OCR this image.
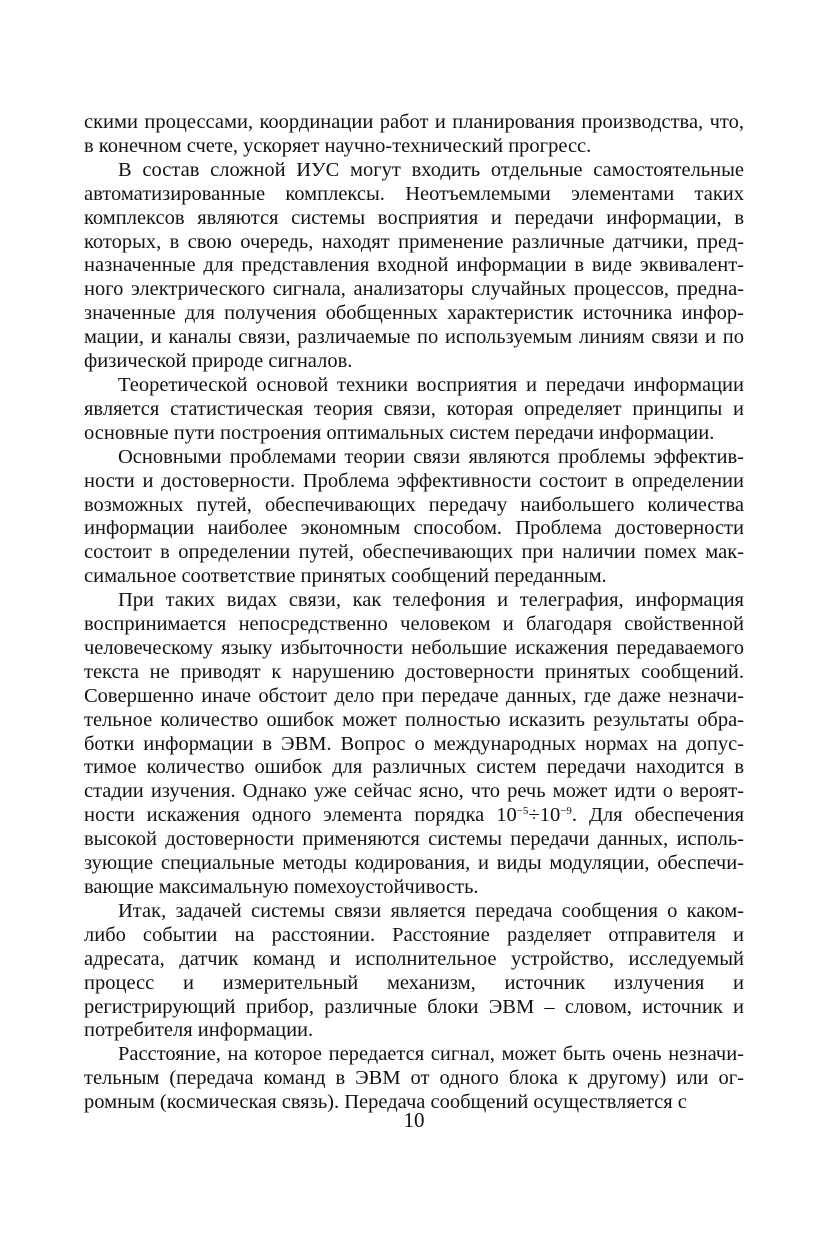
скими процессами, координации работ и планирования производства, что, в конечном счете, ускоряет научно-технический прогресс.

В состав сложной ИУС могут входить отдельные самостоятельные автоматизированные комплексы. Неотъемлемыми элементами таких комплексов являются системы восприятия и передачи информации, в которых, в свою очередь, находят применение различные датчики, предназначенные для представления входной информации в виде эквивалентного электрического сигнала, анализаторы случайных процессов, предназначенные для получения обобщенных характеристик источника информации, и каналы связи, различаемые по используемым линиям связи и по физической природе сигналов.

Теоретической основой техники восприятия и передачи информации является статистическая теория связи, которая определяет принципы и основные пути построения оптимальных систем передачи информации.

Основными проблемами теории связи являются проблемы эффективности и достоверности. Проблема эффективности состоит в определении возможных путей, обеспечивающих передачу наибольшего количества информации наиболее экономным способом. Проблема достоверности состоит в определении путей, обеспечивающих при наличии помех максимальное соответствие принятых сообщений переданным.

При таких видах связи, как телефония и телеграфия, информация воспринимается непосредственно человеком и благодаря свойственной человеческому языку избыточности небольшие искажения передаваемого текста не приводят к нарушению достоверности принятых сообщений. Совершенно иначе обстоит дело при передаче данных, где даже незначительное количество ошибок может полностью исказить результаты обработки информации в ЭВМ. Вопрос о международных нормах на допустимое количество ошибок для различных систем передачи находится в стадии изучения. Однако уже сейчас ясно, что речь может идти о вероятности искажения одного элемента порядка $10^{-5}\div 10^{-9}$. Для обеспечения высокой достоверности применяются системы передачи данных, использующие специальные методы кодирования, и виды модуляции, обеспечивающие максимальную помехоустойчивость.

Итак, задачей системы связи является передача сообщения о каком-либо событии на расстоянии. Расстояние разделяет отправителя и адресата, датчик команд и исполнительное устройство, исследуемый процесс и измерительный механизм, источник излучения и регистрирующий прибор, различные блоки ЭВМ – словом, источник и потребителя информации.

Расстояние, на которое передается сигнал, может быть очень незначительным (передача команд в ЭВМ от одного блока к другому) или огромным (космическая связь). Передача сообщений осуществляется с

10
